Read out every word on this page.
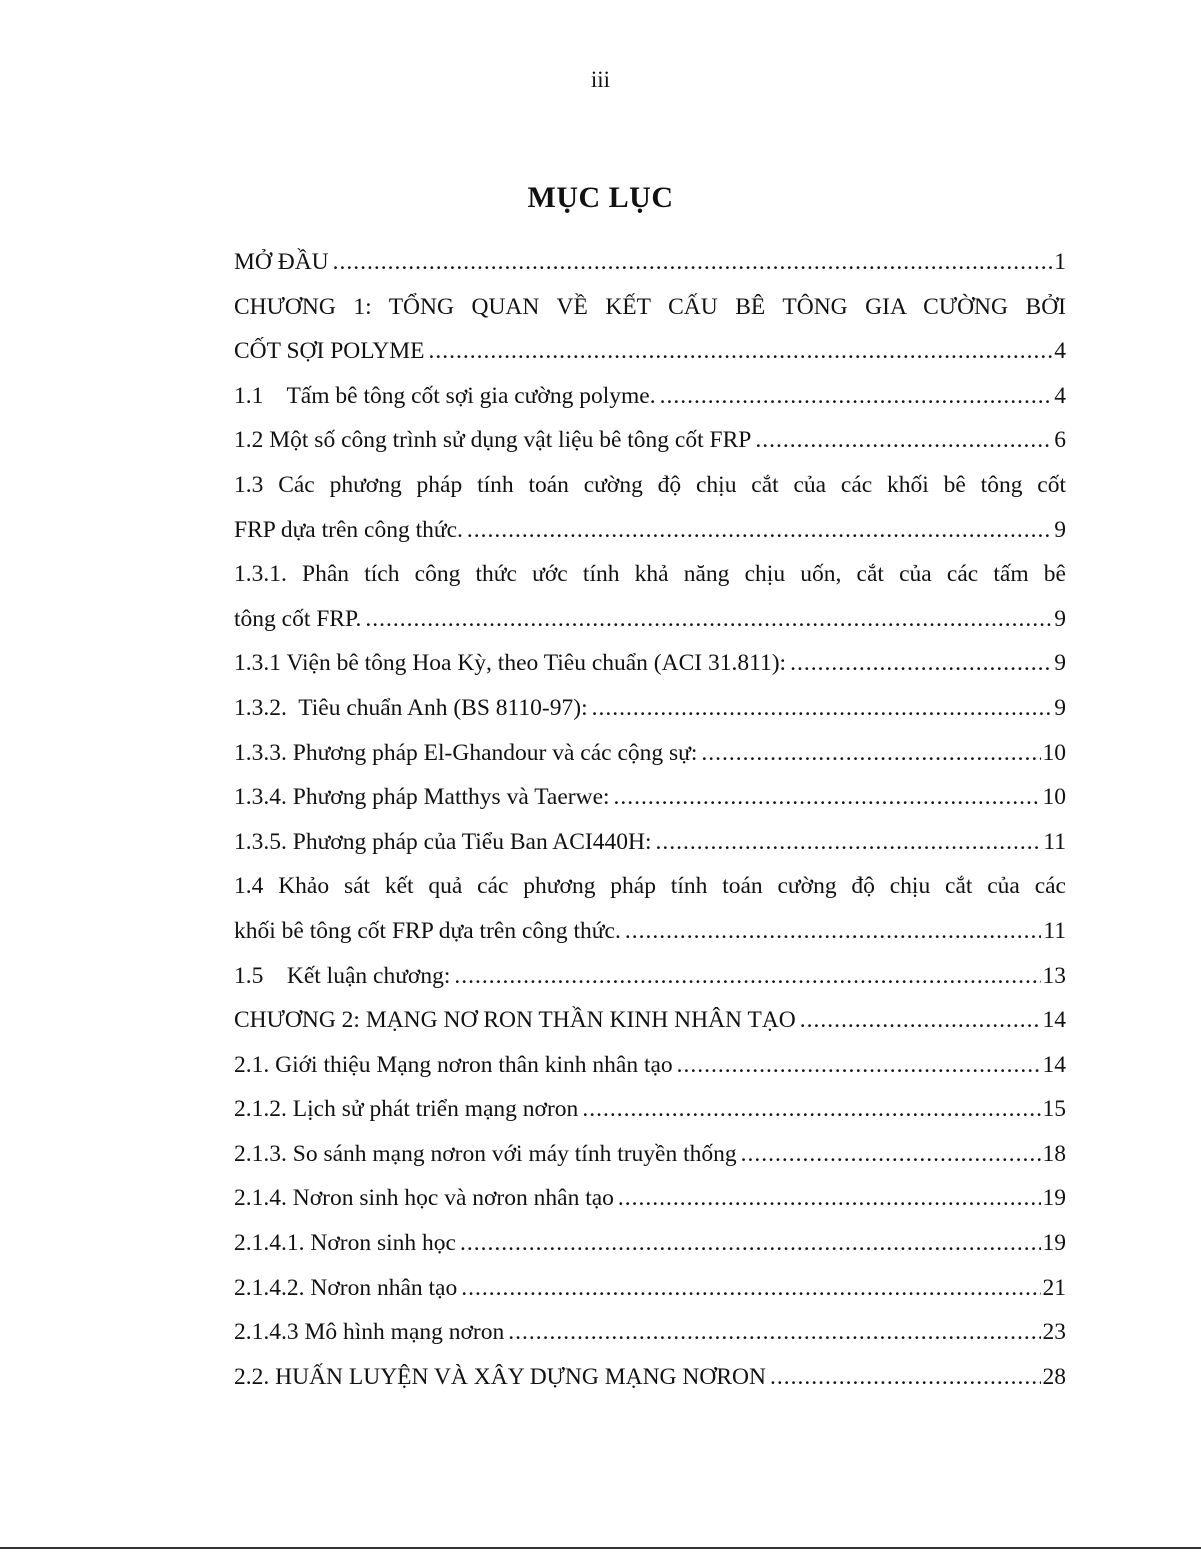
iii
MỤC LỤC
MỞ ĐẦU .....	1
CHƯƠNG 1: TỔNG QUAN VỀ KẾT CẤU BÊ TÔNG GIA CƯỜNG BỞI
CỐT SỢI POLYME .....	4
1.1    Tấm bê tông cốt sợi gia cường polyme. .....	4
1.2 Một số công trình sử dụng vật liệu bê tông cốt FRP .....	6
1.3 Các phương pháp tính toán cường độ chịu cắt của các khối bê tông cốt
FRP dựa trên công thức. .....	9
1.3.1. Phân tích công thức ước tính khả năng chịu uốn, cắt của các tấm bê
tông cốt FRP. .....	9
1.3.1 Viện bê tông Hoa Kỳ, theo Tiêu chuẩn (ACI 31.811): .....	9
1.3.2.  Tiêu chuẩn Anh (BS 8110-97): .....	9
1.3.3. Phương pháp El-Ghandour và các cộng sự: .....	10
1.3.4. Phương pháp Matthys và Taerwe: .....	10
1.3.5. Phương pháp của Tiểu Ban ACI440H: .....	11
1.4 Khảo sát kết quả các phương pháp tính toán cường độ chịu cắt của các
khối bê tông cốt FRP dựa trên công thức. .....	11
1.5    Kết luận chương: .....	13
CHƯƠNG 2: MẠNG NƠ RON THẦN KINH NHÂN TẠO .....	14
2.1. Giới thiệu Mạng nơron thân kinh nhân tạo .....	14
2.1.2. Lịch sử phát triển mạng nơron .....	15
2.1.3. So sánh mạng nơron với máy tính truyền thống .....	18
2.1.4. Nơron sinh học và nơron nhân tạo .....	19
2.1.4.1. Nơron sinh học .....	19
2.1.4.2. Nơron nhân tạo .....	21
2.1.4.3 Mô hình mạng nơron .....	23
2.2. HUẤN LUYỆN VÀ XÂY DỰNG MẠNG NƠRON .....	28
